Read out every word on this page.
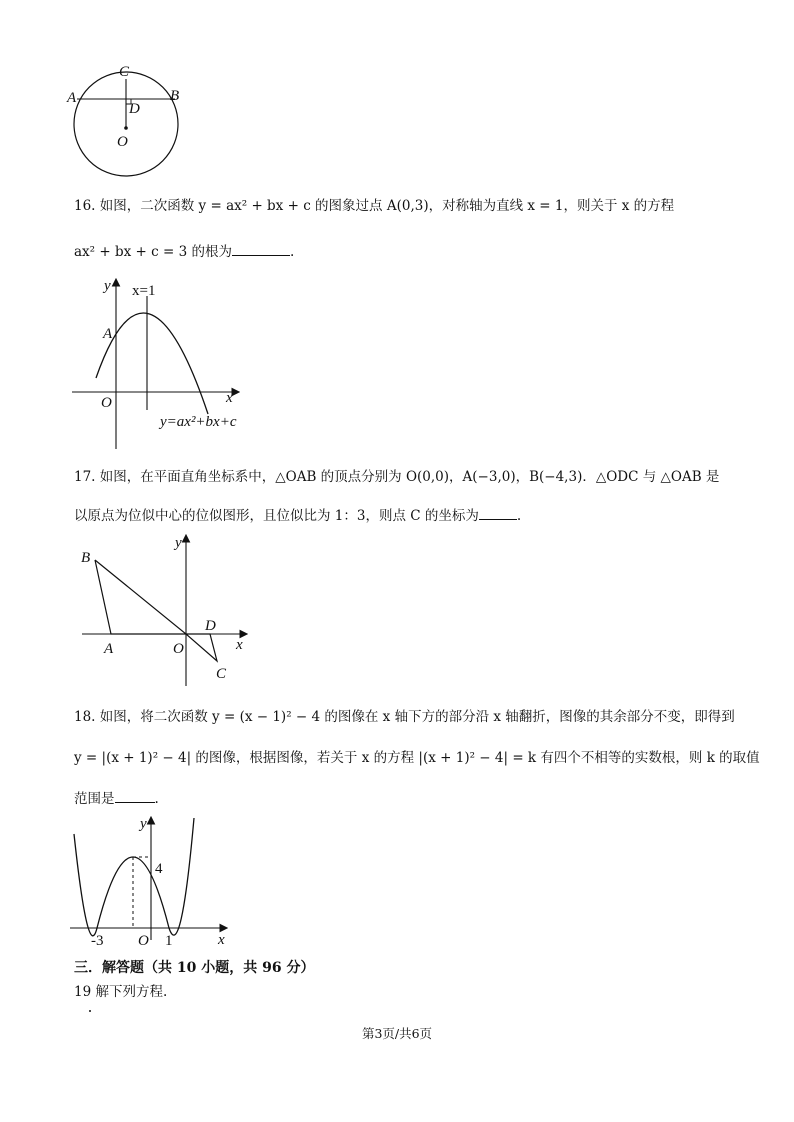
C
A	B
D
O
16. 如图，二次函数 y = ax² + bx + c 的图象过点 A(0,3)，对称轴为直线 x = 1，则关于 x 的方程
ax² + bx + c = 3 的根为	.
y x=1
A
O	x
y=ax²+bx+c
17. 如图，在平面直角坐标系中，△OAB 的顶点分别为 O(0,0)，A(−3,0)，B(−4,3)．△ODC 与 △OAB 是
以原点为位似中心的位似图形，且位似比为 1：3，则点 C 的坐标为	.
B
y
D
x
A	O
C
18. 如图，将二次函数 y = (x − 1)² − 4 的图像在 x 轴下方的部分沿 x 轴翻折，图像的其余部分不变，即得到
y = |(x + 1)² − 4| 的图像，根据图像，若关于 x 的方程 |(x + 1)² − 4| = k 有四个不相等的实数根，则 k 的取值
范围是	.
y
4
-3 O 1	x
三．解答题（共 10 小题，共 96 分）
19 解下列方程.
第3页/共6页
